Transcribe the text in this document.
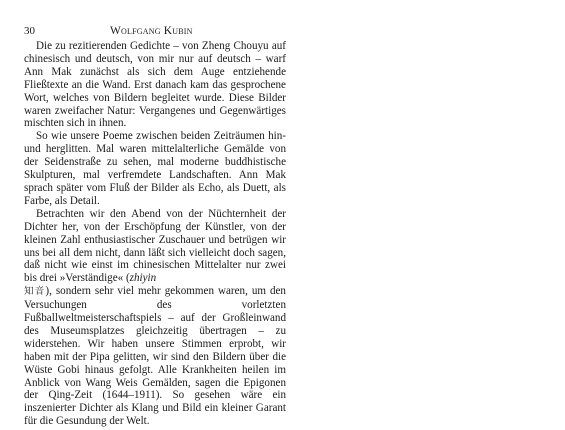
30	Wolfgang Kubin

Die zu rezitierenden Gedichte – von Zheng Chouyu auf chinesisch und deutsch, von mir nur auf deutsch – warf Ann Mak zunächst als sich dem Auge entziehende Fließtexte an die Wand. Erst danach kam das gesprochene Wort, welches von Bildern begleitet wurde. Diese Bilder waren zweifacher Natur: Vergangenes und Gegenwärtiges mischten sich in ihnen.

So wie unsere Poeme zwischen beiden Zeiträumen hin- und herglitten. Mal waren mittelalterliche Gemälde von der Seidenstraße zu sehen, mal moderne buddhistische Skulpturen, mal verfremdete Landschaften. Ann Mak sprach später vom Fluß der Bilder als Echo, als Duett, als Farbe, als Detail.

Betrachten wir den Abend von der Nüchternheit der Dichter her, von der Erschöpfung der Künstler, von der kleinen Zahl enthusiastischer Zuschauer und betrügen wir uns bei all dem nicht, dann läßt sich vielleicht doch sagen, daß nicht wie einst im chinesischen Mittelalter nur zwei bis drei »Verständige« (zhiyin
知音), sondern sehr viel mehr gekommen waren, um den Versuchungen des vorletzten Fußballweltmeisterschaftspiels – auf der Großleinwand des Museumsplatzes gleichzeitig übertragen – zu widerstehen. Wir haben unsere Stimmen erprobt, wir haben mit der Pipa gelitten, wir sind den Bildern über die Wüste Gobi hinaus gefolgt. Alle Krankheiten heilen im Anblick von Wang Weis Gemälden, sagen die Epigonen der Qing-Zeit (1644–1911). So gesehen wäre ein inszenierter Dichter als Klang und Bild ein kleiner Garant für die Gesundung der Welt.
